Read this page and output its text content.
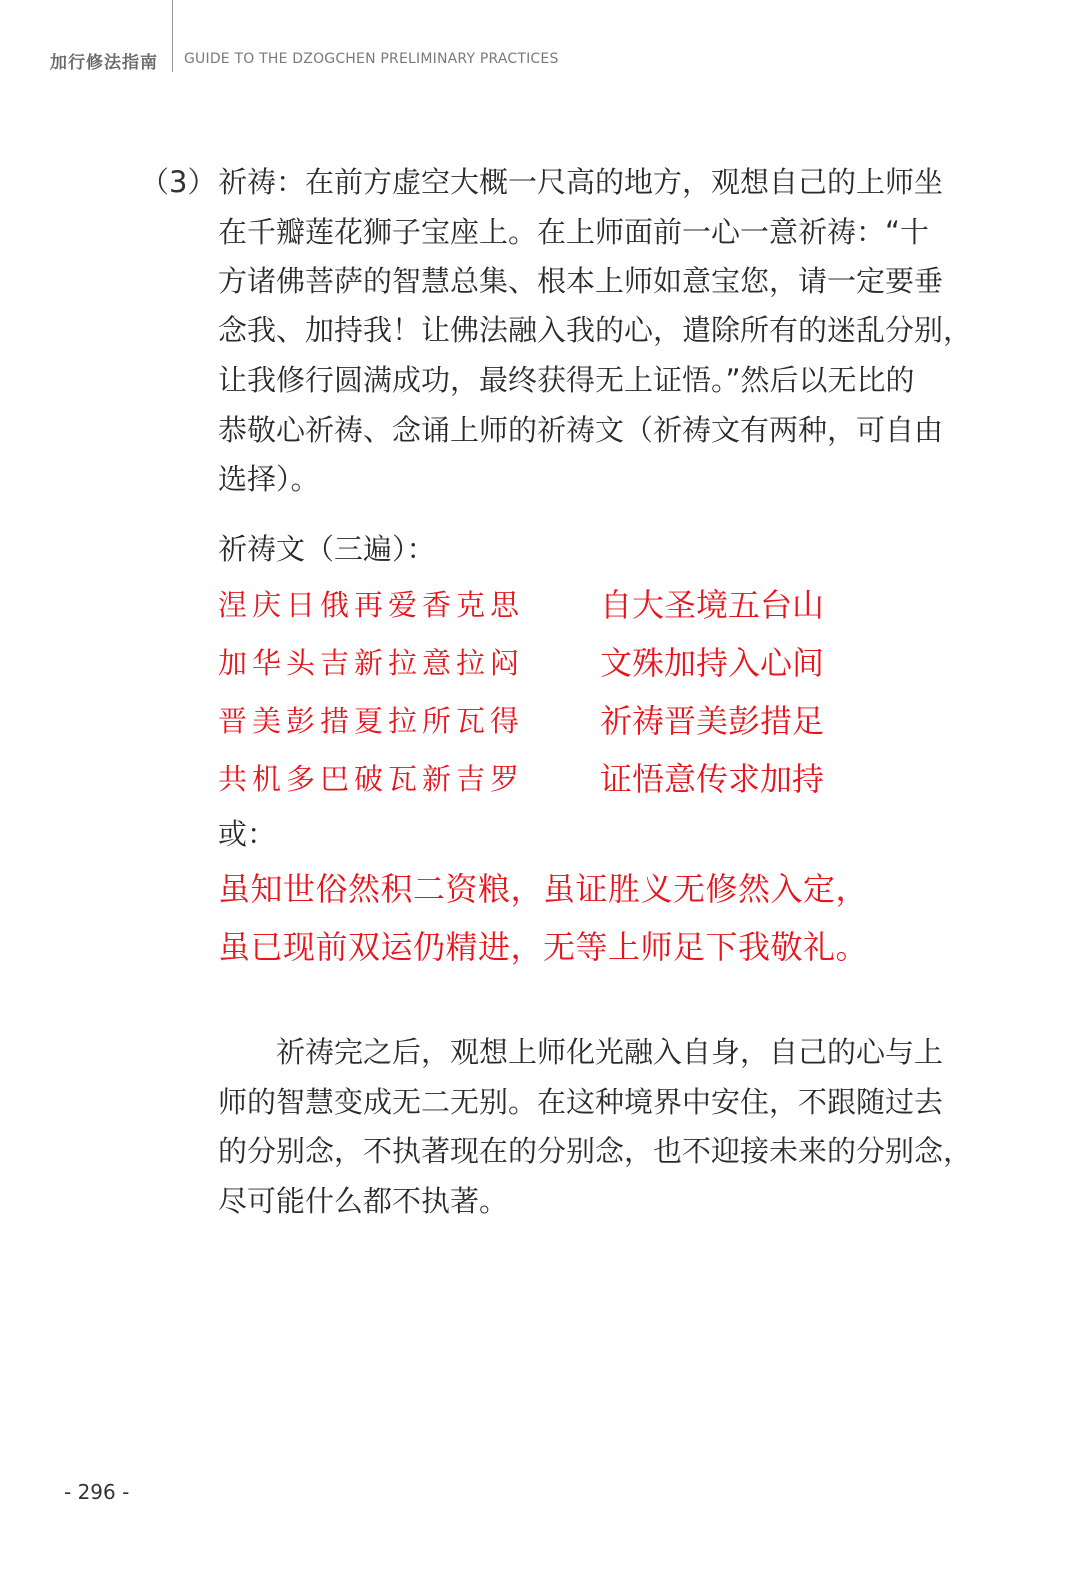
加行修法指南 GUIDE TO THE DZOGCHEN PRELIMINARY PRACTICES
（3） 祈祷：在前方虚空大概一尺高的地方，观想自己的上师坐
在千瓣莲花狮子宝座上。在上师面前一心一意祈祷：“十
方诸佛菩萨的智慧总集、根本上师如意宝您，请一定要垂
念我、加持我！让佛法融入我的心，遣除所有的迷乱分别，
让我修行圆满成功，最终获得无上证悟。”然后以无比的
恭敬心祈祷、念诵上师的祈祷文（祈祷文有两种，可自由
选择）。
祈祷文（三遍）：
涅庆日俄再爱香克思
加华头吉新拉意拉闷
晋美彭措夏拉所瓦得
共机多巴破瓦新吉罗
自大圣境五台山
文殊加持入心间
祈祷晋美彭措足
证悟意传求加持
或：
虽知世俗然积二资粮，虽证胜义无修然入定，
虽已现前双运仍精进，无等上师足下我敬礼。
祈祷完之后，观想上师化光融入自身，自己的心与上
师的智慧变成无二无别。在这种境界中安住，不跟随过去
的分别念，不执著现在的分别念，也不迎接未来的分别念，
尽可能什么都不执著。
- 296 -
